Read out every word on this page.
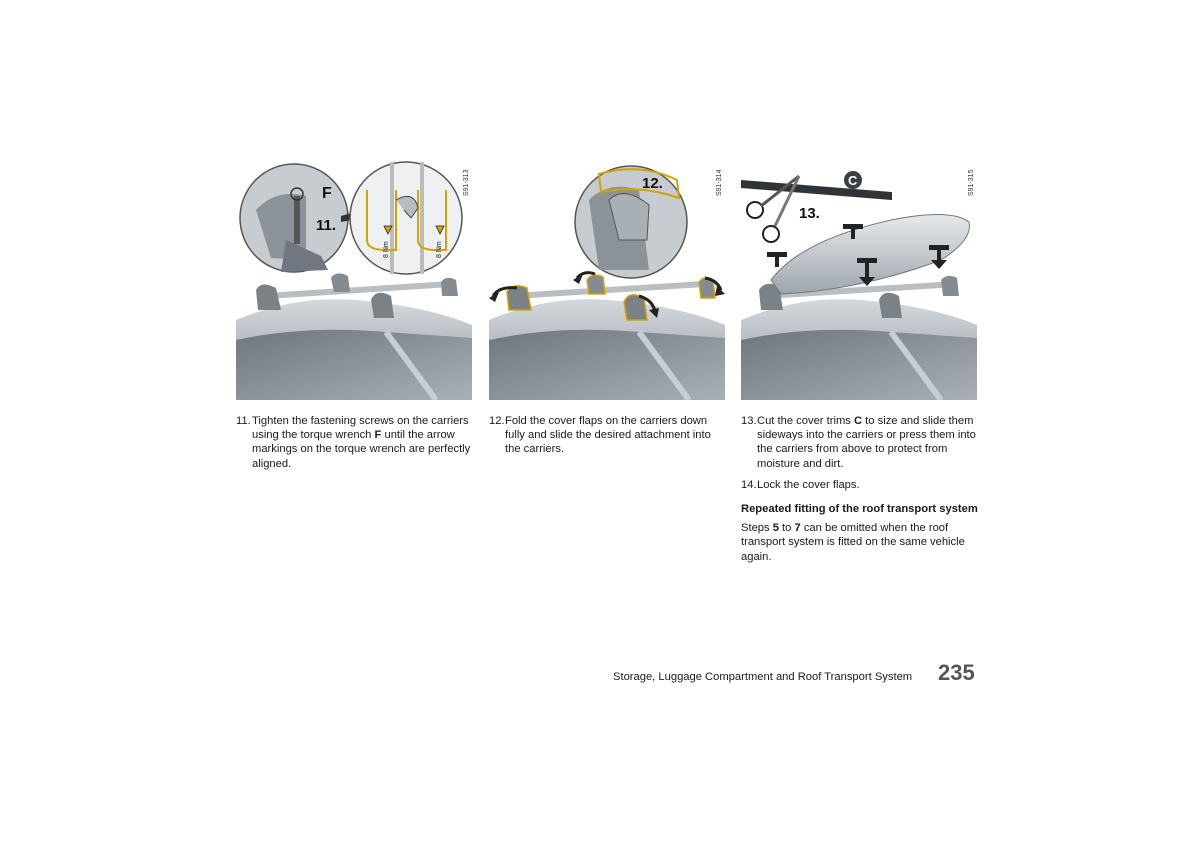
F
11.
8 Nm	8 Nm
S91-313	12.	S91-314	C
13.
S91-315
11. Tighten the fastening screws on the carriers using the torque wrench F until the arrow markings on the torque wrench are perfectly aligned.
12. Fold the cover flaps on the carriers down fully and slide the desired attachment into the carriers.
13. Cut the cover trims C to size and slide them sideways into the carriers or press them into the carriers from above to protect from moisture and dirt.
14. Lock the cover flaps.
Repeated fitting of the roof transport system

Steps 5 to 7 can be omitted when the roof transport system is fitted on the same vehicle again.

Storage, Luggage Compartment and Roof Transport System 235
